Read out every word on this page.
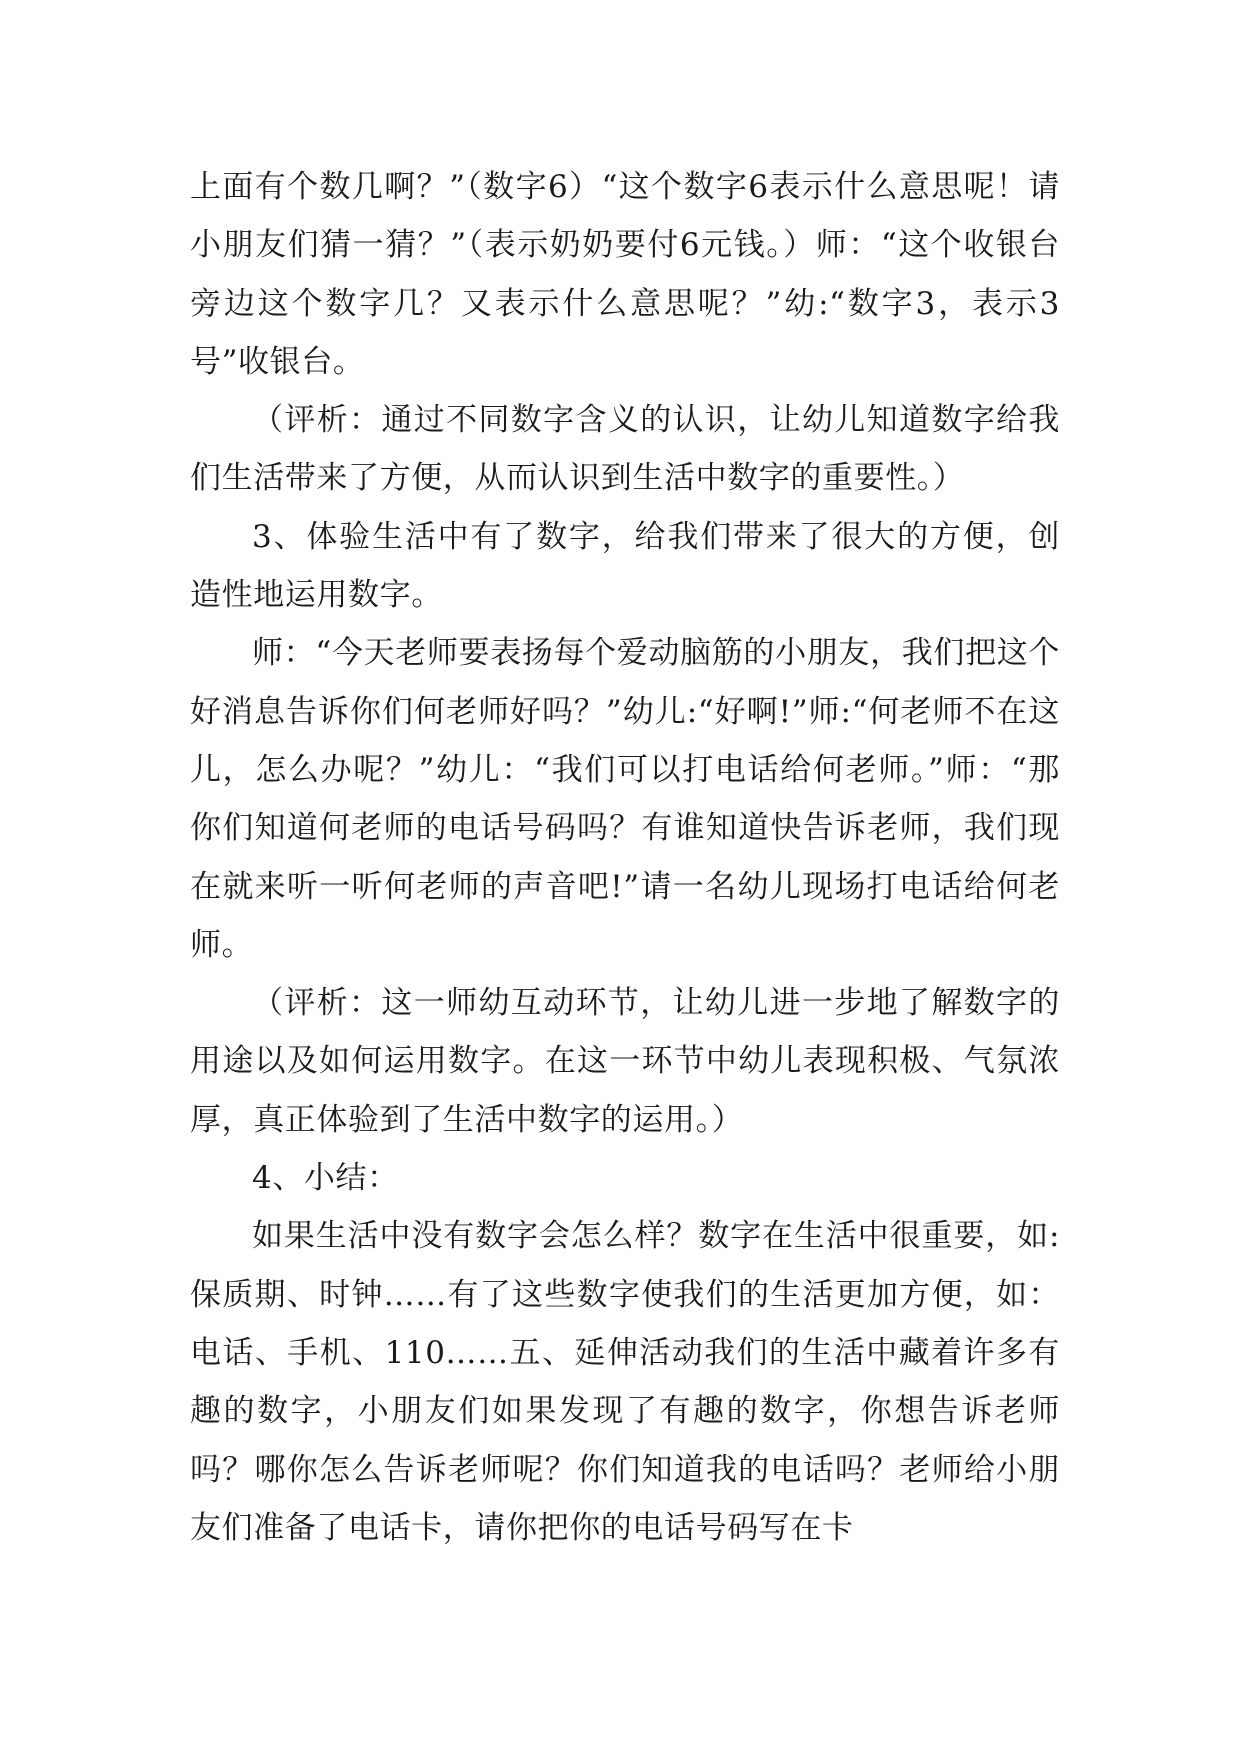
上面有个数几啊？”（数字6）“这个数字6表示什么意思呢！请小朋友们猜一猜？”（表示奶奶要付6元钱。）师：“这个收银台旁边这个数字几？又表示什么意思呢？”幼:“数字3，表示3号”收银台。

（评析：通过不同数字含义的认识，让幼儿知道数字给我们生活带来了方便，从而认识到生活中数字的重要性。）

3、体验生活中有了数字，给我们带来了很大的方便，创造性地运用数字。

师：“今天老师要表扬每个爱动脑筋的小朋友，我们把这个好消息告诉你们何老师好吗？”幼儿:“好啊!”师:“何老师不在这儿，怎么办呢？”幼儿：“我们可以打电话给何老师。”师：“那你们知道何老师的电话号码吗？有谁知道快告诉老师，我们现在就来听一听何老师的声音吧!”请一名幼儿现场打电话给何老师。

（评析：这一师幼互动环节，让幼儿进一步地了解数字的用途以及如何运用数字。在这一环节中幼儿表现积极、气氛浓厚，真正体验到了生活中数字的运用。）

4、小结：

如果生活中没有数字会怎么样？数字在生活中很重要，如:保质期、时钟……有了这些数字使我们的生活更加方便，如：电话、手机、110……五、延伸活动我们的生活中藏着许多有趣的数字，小朋友们如果发现了有趣的数字，你想告诉老师吗？哪你怎么告诉老师呢？你们知道我的电话吗？老师给小朋友们准备了电话卡，请你把你的电话号码写在卡
